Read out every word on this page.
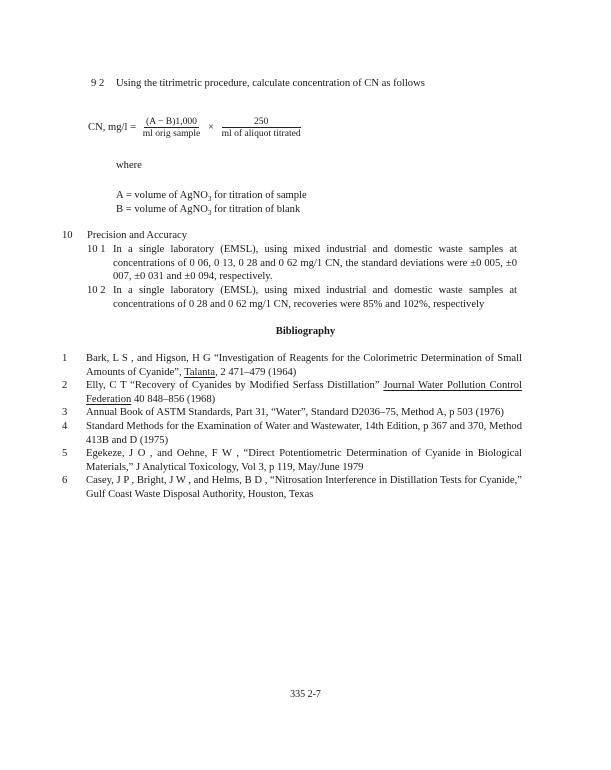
9 2 Using the titrimetric procedure, calculate concentration of CN as follows
CN, $mg/l = \frac{(A - B)1,000}{\text{ml orig sample}} \times \frac{250}{\text{ml of aliquot titrated}}$
where
A = volume of AgNO$_3$ for titration of sample
B = volume of AgNO$_3$ for titration of blank
10 Precision and Accuracy
10 1 In a single laboratory (EMSL), using mixed industrial and domestic waste samples at concentrations of 0 06, 0 13, 0 28 and 0 62 mg/1 CN, the standard deviations were ±0 005, ±0 007, ±0 031 and ±0 094, respectively.
10 2 In a single laboratory (EMSL), using mixed industrial and domestic waste samples at concentrations of 0 28 and 0 62 mg/1 CN, recoveries were 85% and 102%, respectively
Bibliography
1	Bark, L S , and Higson, H G “Investigation of Reagents for the Colorimetric Determination of Small Amounts of Cyanide”, Talanta, 2 471–479 (1964)
2	Elly, C T “Recovery of Cyanides by Modified Serfass Distillation” Journal Water Pollution Control Federation 40 848–856 (1968)
3	Annual Book of ASTM Standards, Part 31, “Water”, Standard D2036–75, Method A, p 503 (1976)
4	Standard Methods for the Examination of Water and Wastewater, 14th Edition, p 367 and 370, Method 413B and D (1975)
5	Egekeze, J O , and Oehne, F W , “Direct Potentiometric Determination of Cyanide in Biological Materials,” J Analytical Toxicology, Vol 3, p 119, May/June 1979
6	Casey, J P , Bright, J W , and Helms, B D , “Nitrosation Interference in Distillation Tests for Cyanide,” Gulf Coast Waste Disposal Authority, Houston, Texas
335 2-7
